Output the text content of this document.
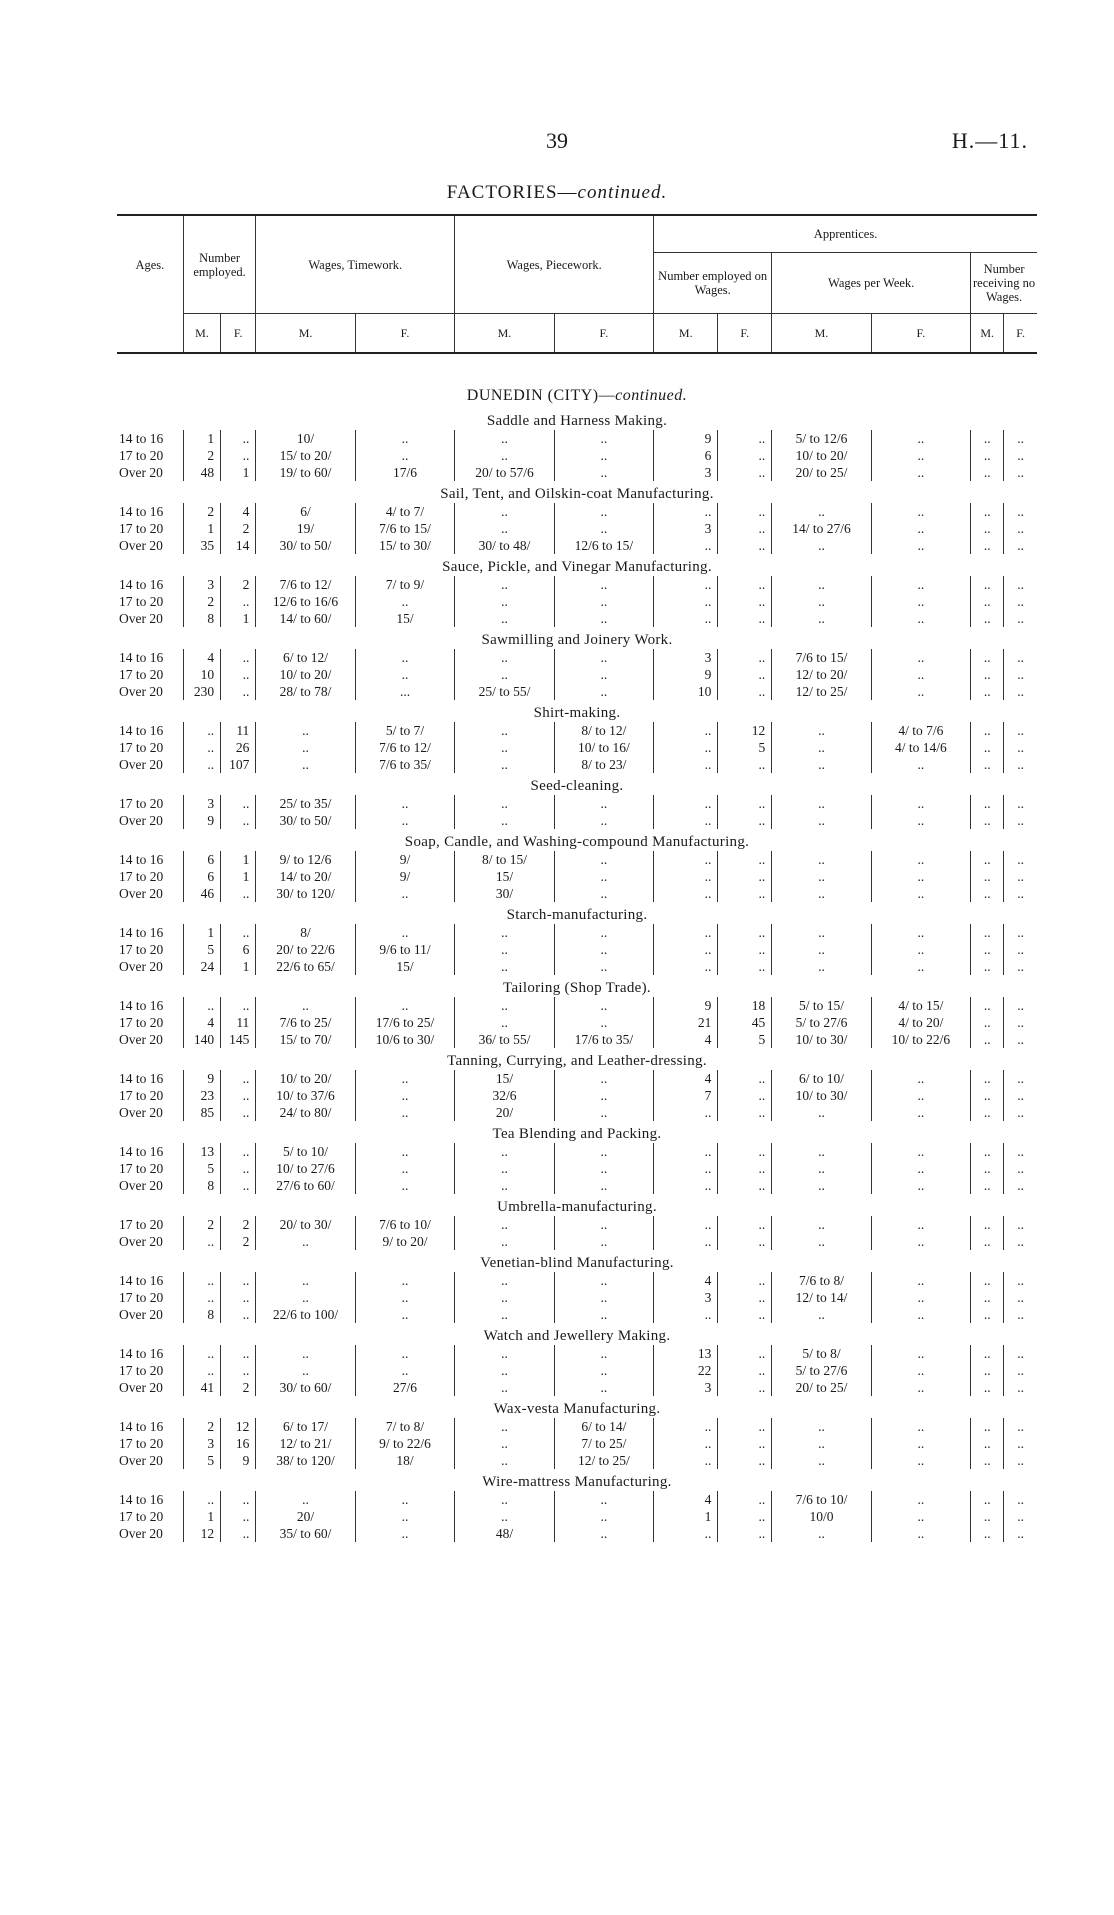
39	H.—11.
FACTORIES—continued.
Ages.	Number employed.		Wages, Timework.		Wages, Piecework.		Apprentices.					
							Number employed on Wages.		Wages per Week.		Number receiving no Wages.	
	M.	F.	M.	F.	M.	F.	M.	F.	M.	F.	M.	F.
DUNEDIN (CITY)—continued.												
Saddle and Harness Making.												
14 to 16	1	..	10/	..	..	..	9	..	5/ to 12/6	..	..	..
17 to 20	2	..	15/ to 20/	..	..	..	6	..	10/ to 20/	..	..	..
Over 20	48	1	19/ to 60/	17/6	20/ to 57/6	..	3	..	20/ to 25/	..	..	..
Sail, Tent, and Oilskin-coat Manufacturing.												
14 to 16	2	4	6/	4/ to 7/	..	..	..	..	..	..	..	..
17 to 20	1	2	19/	7/6 to 15/	..	..	3	..	14/ to 27/6	..	..	..
Over 20	35	14	30/ to 50/	15/ to 30/	30/ to 48/	12/6 to 15/	..	..	..	..	..	..
Sauce, Pickle, and Vinegar Manufacturing.												
14 to 16	3	2	7/6 to 12/	7/ to 9/	..	..	..	..	..	..	..	..
17 to 20	2	..	12/6 to 16/6	..	..	..	..	..	..	..	..	..
Over 20	8	1	14/ to 60/	15/	..	..	..	..	..	..	..	..
Sawmilling and Joinery Work.												
14 to 16	4	..	6/ to 12/	..	..	..	3	..	7/6 to 15/	..	..	..
17 to 20	10	..	10/ to 20/	..	..	..	9	..	12/ to 20/	..	..	..
Over 20	230	..	28/ to 78/	...	25/ to 55/	..	10	..	12/ to 25/	..	..	..
Shirt-making.												
14 to 16	..	11	..	5/ to 7/	..	8/ to 12/	..	12	..	4/ to 7/6	..	..
17 to 20	..	26	..	7/6 to 12/	..	10/ to 16/	..	5	..	4/ to 14/6	..	..
Over 20	..	107	..	7/6 to 35/	..	8/ to 23/	..	..	..	..	..	..
Seed-cleaning.												
17 to 20	3	..	25/ to 35/	..	..	..	..	..	..	..	..	..
Over 20	9	..	30/ to 50/	..	..	..	..	..	..	..	..	..
Soap, Candle, and Washing-compound Manufacturing.												
14 to 16	6	1	9/ to 12/6	9/	8/ to 15/	..	..	..	..	..	..	..
17 to 20	6	1	14/ to 20/	9/	15/	..	..	..	..	..	..	..
Over 20	46	..	30/ to 120/	..	30/	..	..	..	..	..	..	..
Starch-manufacturing.												
14 to 16	1	..	8/	..	..	..	..	..	..	..	..	..
17 to 20	5	6	20/ to 22/6	9/6 to 11/	..	..	..	..	..	..	..	..
Over 20	24	1	22/6 to 65/	15/	..	..	..	..	..	..	..	..
Tailoring (Shop Trade).												
14 to 16	..	..	..	..	..	..	9	18	5/ to 15/	4/ to 15/	..	..
17 to 20	4	11	7/6 to 25/	17/6 to 25/	..	..	21	45	5/ to 27/6	4/ to 20/	..	..
Over 20	140	145	15/ to 70/	10/6 to 30/	36/ to 55/	17/6 to 35/	4	5	10/ to 30/	10/ to 22/6	..	..
Tanning, Currying, and Leather-dressing.												
14 to 16	9	..	10/ to 20/	..	15/	..	4	..	6/ to 10/	..	..	..
17 to 20	23	..	10/ to 37/6	..	32/6	..	7	..	10/ to 30/	..	..	..
Over 20	85	..	24/ to 80/	..	20/	..	..	..	..	..	..	..
Tea Blending and Packing.												
14 to 16	13	..	5/ to 10/	..	..	..	..	..	..	..	..	..
17 to 20	5	..	10/ to 27/6	..	..	..	..	..	..	..	..	..
Over 20	8	..	27/6 to 60/	..	..	..	..	..	..	..	..	..
Umbrella-manufacturing.												
17 to 20	2	2	20/ to 30/	7/6 to 10/	..	..	..	..	..	..	..	..
Over 20	..	2	..	9/ to 20/	..	..	..	..	..	..	..	..
Venetian-blind Manufacturing.												
14 to 16	..	..	..	..	..	..	4	..	7/6 to 8/	..	..	..
17 to 20	..	..	..	..	..	..	3	..	12/ to 14/	..	..	..
Over 20	8	..	22/6 to 100/	..	..	..	..	..	..	..	..	..
Watch and Jewellery Making.												
14 to 16	..	..	..	..	..	..	13	..	5/ to 8/	..	..	..
17 to 20	..	..	..	..	..	..	22	..	5/ to 27/6	..	..	..
Over 20	41	2	30/ to 60/	27/6	..	..	3	..	20/ to 25/	..	..	..
Wax-vesta Manufacturing.												
14 to 16	2	12	6/ to 17/	7/ to 8/	..	6/ to 14/	..	..	..	..	..	..
17 to 20	3	16	12/ to 21/	9/ to 22/6	..	7/ to 25/	..	..	..	..	..	..
Over 20	5	9	38/ to 120/	18/	..	12/ to 25/	..	..	..	..	..	..
Wire-mattress Manufacturing.												
14 to 16	..	..	..	..	..	..	4	..	7/6 to 10/	..	..	..
17 to 20	1	..	20/	..	..	..	1	..	10/0	..	..	..
Over 20	12	..	35/ to 60/	..	48/	..	..	..	..	..	..	..
